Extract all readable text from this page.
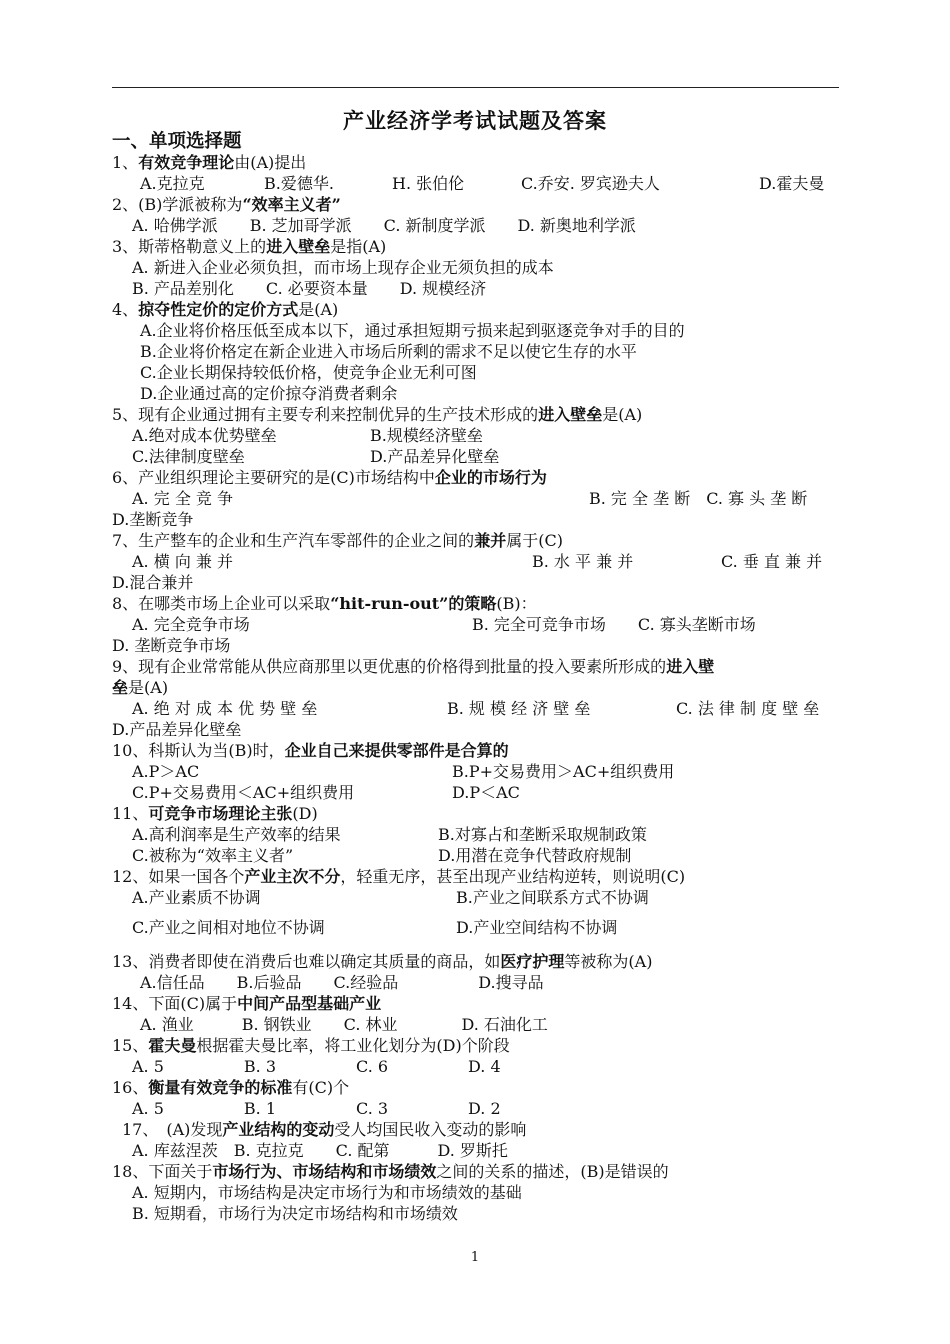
产业经济学考试试题及答案
一、单项选择题
1、有效竞争理论由(A)提出
A.克拉克	B.爱德华.	H. 张伯伦	C.乔安. 罗宾逊夫人	D.霍夫曼
2、(B)学派被称为“效率主义者”
A. 哈佛学派　　B. 芝加哥学派　　C. 新制度学派　　D. 新奥地利学派
3、斯蒂格勒意义上的进入壁垒是指(A)
A. 新进入企业必须负担，而市场上现存企业无须负担的成本
B. 产品差别化　　C. 必要资本量　　D. 规模经济
4、掠夺性定价的定价方式是(A)
A.企业将价格压低至成本以下，通过承担短期亏损来起到驱逐竞争对手的目的
B.企业将价格定在新企业进入市场后所剩的需求不足以使它生存的水平
C.企业长期保持较低价格，使竞争企业无利可图
D.企业通过高的定价掠夺消费者剩余
5、现有企业通过拥有主要专利来控制优异的生产技术形成的进入壁垒是(A)
A.绝对成本优势壁垒	B.规模经济壁垒
C.法律制度壁垒	D.产品差异化壁垒
6、产业组织理论主要研究的是(C)市场结构中企业的市场行为
A. 完 全 竞 争	B. 完 全 垄 断　C. 寡 头 垄 断
D.垄断竞争
7、生产整车的企业和生产汽车零部件的企业之间的兼并属于(C)
A. 横 向 兼 并	B. 水 平 兼 并	C. 垂 直 兼 并
D.混合兼并
8、在哪类市场上企业可以采取“hit-run-out”的策略(B)：
A. 完全竞争市场	B. 完全可竞争市场　　C. 寡头垄断市场
D. 垄断竞争市场
9、现有企业常常能从供应商那里以更优惠的价格得到批量的投入要素所形成的进入壁
垒是(A)
A. 绝 对 成 本 优 势 壁 垒	B. 规 模 经 济 壁 垒	C. 法 律 制 度 壁 垒
D.产品差异化壁垒
10、科斯认为当(B)时，企业自己来提供零部件是合算的
A.P＞AC	B.P+交易费用＞AC+组织费用
C.P+交易费用＜AC+组织费用	D.P＜AC
11、可竞争市场理论主张(D)
A.高利润率是生产效率的结果	B.对寡占和垄断采取规制政策
C.被称为“效率主义者”	D.用潜在竞争代替政府规制
12、如果一国各个产业主次不分，轻重无序，甚至出现产业结构逆转，则说明(C)
A.产业素质不协调	B.产业之间联系方式不协调
C.产业之间相对地位不协调	D.产业空间结构不协调
13、消费者即使在消费后也难以确定其质量的商品，如医疗护理等被称为(A)
A.信任品　　B.后验品　　C.经验品　　　　　D.搜寻品
14、下面(C)属于中间产品型基础产业
A. 渔业　　　B. 钢铁业　　C. 林业　　　　D. 石油化工
15、霍夫曼根据霍夫曼比率，将工业化划分为(D)个阶段
A. 5　　　　　B. 3　　　　　C. 6　　　　　D. 4
16、衡量有效竞争的标准有(C)个
A. 5　　　　　B. 1　　　　　C. 3　　　　　D. 2
17、　(A)发现产业结构的变动受人均国民收入变动的影响
A. 库兹涅茨　B. 克拉克　　C. 配第　　　D. 罗斯托
18、下面关于市场行为、市场结构和市场绩效之间的关系的描述，(B)是错误的
A. 短期内，市场结构是决定市场行为和市场绩效的基础
B. 短期看，市场行为决定市场结构和市场绩效
1
